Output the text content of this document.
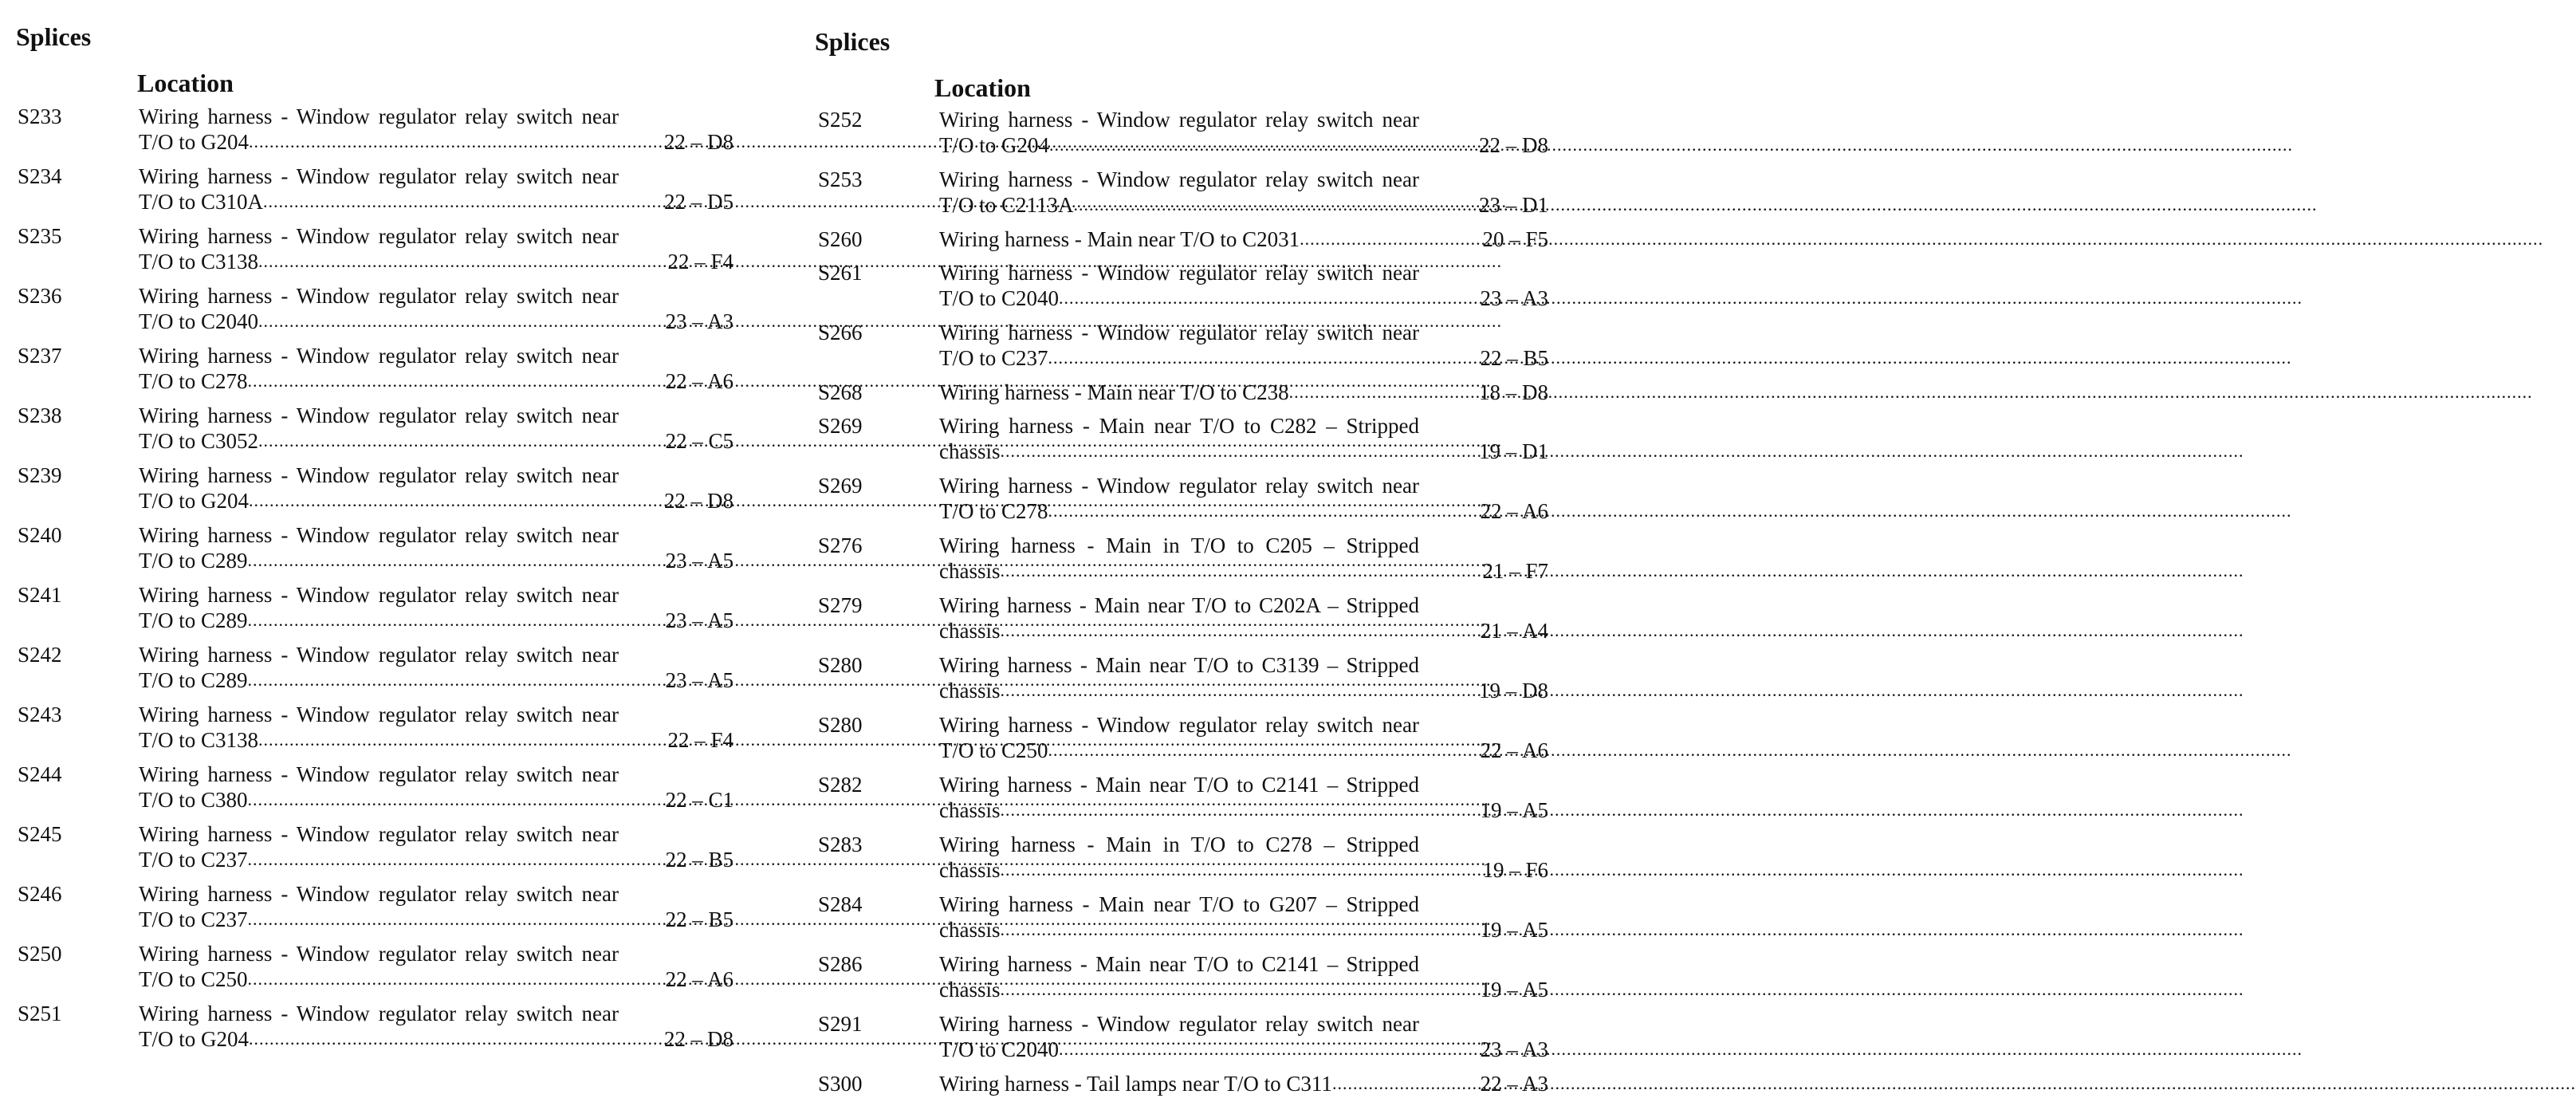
Splices
Location
S233	Wiring harness - Window regulator relay switch near
T/O to G204 .....	22 – D8
S234	Wiring harness - Window regulator relay switch near
T/O to C310A .....	22 – D5
S235	Wiring harness - Window regulator relay switch near
T/O to C3138 .....	22 – F4
S236	Wiring harness - Window regulator relay switch near
T/O to C2040 .....	23 – A3
S237	Wiring harness - Window regulator relay switch near
T/O to C278 .....	22 – A6
S238	Wiring harness - Window regulator relay switch near
T/O to C3052 .....	22 – C5
S239	Wiring harness - Window regulator relay switch near
T/O to G204 .....	22 – D8
S240	Wiring harness - Window regulator relay switch near
T/O to C289 .....	23 – A5
S241	Wiring harness - Window regulator relay switch near
T/O to C289 .....	23 – A5
S242	Wiring harness - Window regulator relay switch near
T/O to C289 .....	23 – A5
S243	Wiring harness - Window regulator relay switch near
T/O to C3138 .....	22 – F4
S244	Wiring harness - Window regulator relay switch near
T/O to C380 .....	22 – C1
S245	Wiring harness - Window regulator relay switch near
T/O to C237 .....	22 – B5
S246	Wiring harness - Window regulator relay switch near
T/O to C237 .....	22 – B5
S250	Wiring harness - Window regulator relay switch near
T/O to C250 .....	22 – A6
S251	Wiring harness - Window regulator relay switch near
T/O to G204 .....	22 – D8
Splices
Location
S252	Wiring harness - Window regulator relay switch near
T/O to G204 .....	22 – D8
S253	Wiring harness - Window regulator relay switch near
T/O to C2113A .....	23 – D1
S260	Wiring harness - Main near T/O to C2031 .....	20 – F5
S261	Wiring harness - Window regulator relay switch near
T/O to C2040 .....	23 – A3
S266	Wiring harness - Window regulator relay switch near
T/O to C237 .....	22 – B5
S268	Wiring harness - Main near T/O to C238 .....	18 – D8
S269	Wiring harness - Main near T/O to C282 – Stripped
chassis .....	19 – D1
S269	Wiring harness - Window regulator relay switch near
T/O to C278 .....	22 – A6
S276	Wiring harness - Main in T/O to C205 – Stripped
chassis .....	21 – F7
S279	Wiring harness - Main near T/O to C202A – Stripped
chassis .....	21 – A4
S280	Wiring harness - Main near T/O to C3139 – Stripped
chassis .....	19 – D8
S280	Wiring harness - Window regulator relay switch near
T/O to C250 .....	22 – A6
S282	Wiring harness - Main near T/O to C2141 – Stripped
chassis .....	19 – A5
S283	Wiring harness - Main in T/O to C278 – Stripped
chassis .....	19 – F6
S284	Wiring harness - Main near T/O to G207 – Stripped
chassis .....	19 – A5
S286	Wiring harness - Main near T/O to C2141 – Stripped
chassis .....	19 – A5
S291	Wiring harness - Window regulator relay switch near
T/O to C2040 .....	23 – A3
S300	Wiring harness - Tail lamps near T/O to C311 .....	22 – A3
